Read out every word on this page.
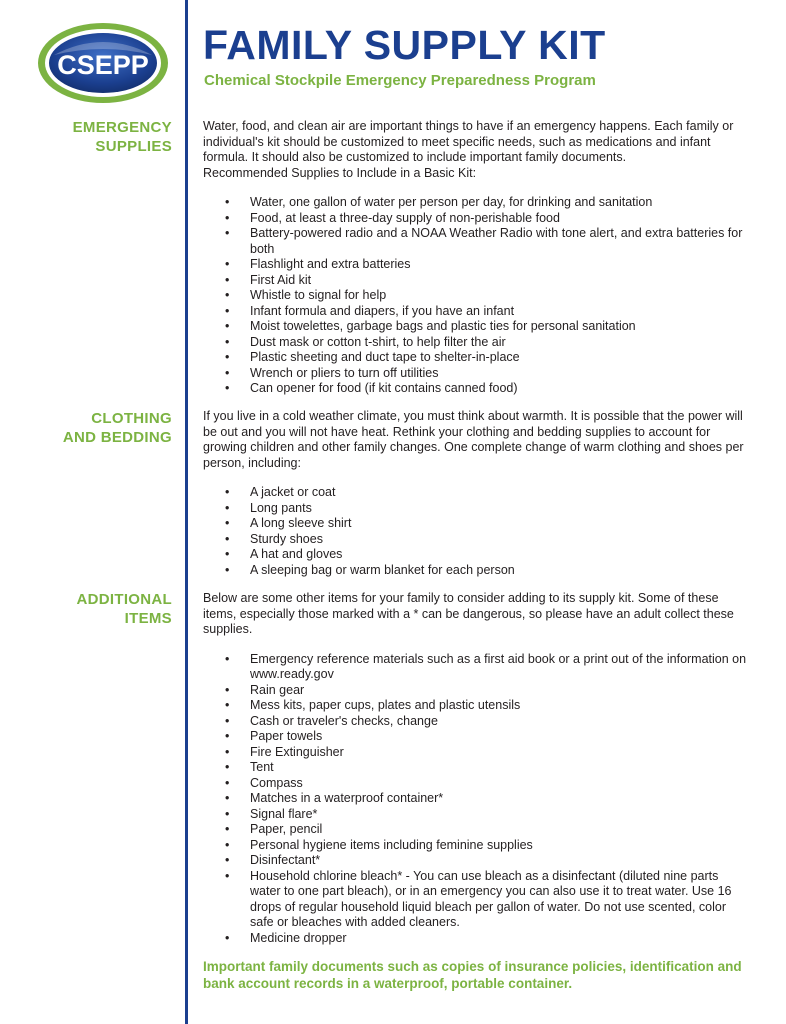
CSEPP FAMILY SUPPLY KIT
Chemical Stockpile Emergency Preparedness Program
EMERGENCY
SUPPLIES

Water, food, and clean air are important things to have if an emergency happens. Each family or individual's kit should be customized to meet specific needs, such as medications and infant formula. It should also be customized to include important family documents.

Recommended Supplies to Include in a Basic Kit:

• Water, one gallon of water per person per day, for drinking and sanitation
• Food, at least a three-day supply of non-perishable food
• Battery-powered radio and a NOAA Weather Radio with tone alert, and extra batteries for both
• Flashlight and extra batteries
• First Aid kit
• Whistle to signal for help
• Infant formula and diapers, if you have an infant
• Moist towelettes, garbage bags and plastic ties for personal sanitation
• Dust mask or cotton t-shirt, to help filter the air
• Plastic sheeting and duct tape to shelter-in-place
• Wrench or pliers to turn off utilities
• Can opener for food (if kit contains canned food)
CLOTHING
AND BEDDING

If you live in a cold weather climate, you must think about warmth. It is possible that the power will be out and you will not have heat. Rethink your clothing and bedding supplies to account for growing children and other family changes. One complete change of warm clothing and shoes per person, including:

• A jacket or coat
• Long pants
• A long sleeve shirt
• Sturdy shoes
• A hat and gloves
• A sleeping bag or warm blanket for each person
ADDITIONAL
ITEMS

Below are some other items for your family to consider adding to its supply kit. Some of these items, especially those marked with a * can be dangerous, so please have an adult collect these supplies.

• Emergency reference materials such as a first aid book or a print out of the information on www.ready.gov
• Rain gear
• Mess kits, paper cups, plates and plastic utensils
• Cash or traveler's checks, change
• Paper towels
• Fire Extinguisher
• Tent
• Compass
• Matches in a waterproof container*
• Signal flare*
• Paper, pencil
• Personal hygiene items including feminine supplies
• Disinfectant*
• Household chlorine bleach* - You can use bleach as a disinfectant (diluted nine parts water to one part bleach), or in an emergency you can also use it to treat water. Use 16 drops of regular household liquid bleach per gallon of water. Do not use scented, color safe or bleaches with added cleaners.
• Medicine dropper

Important family documents such as copies of insurance policies, identification and bank account records in a waterproof, portable container.
